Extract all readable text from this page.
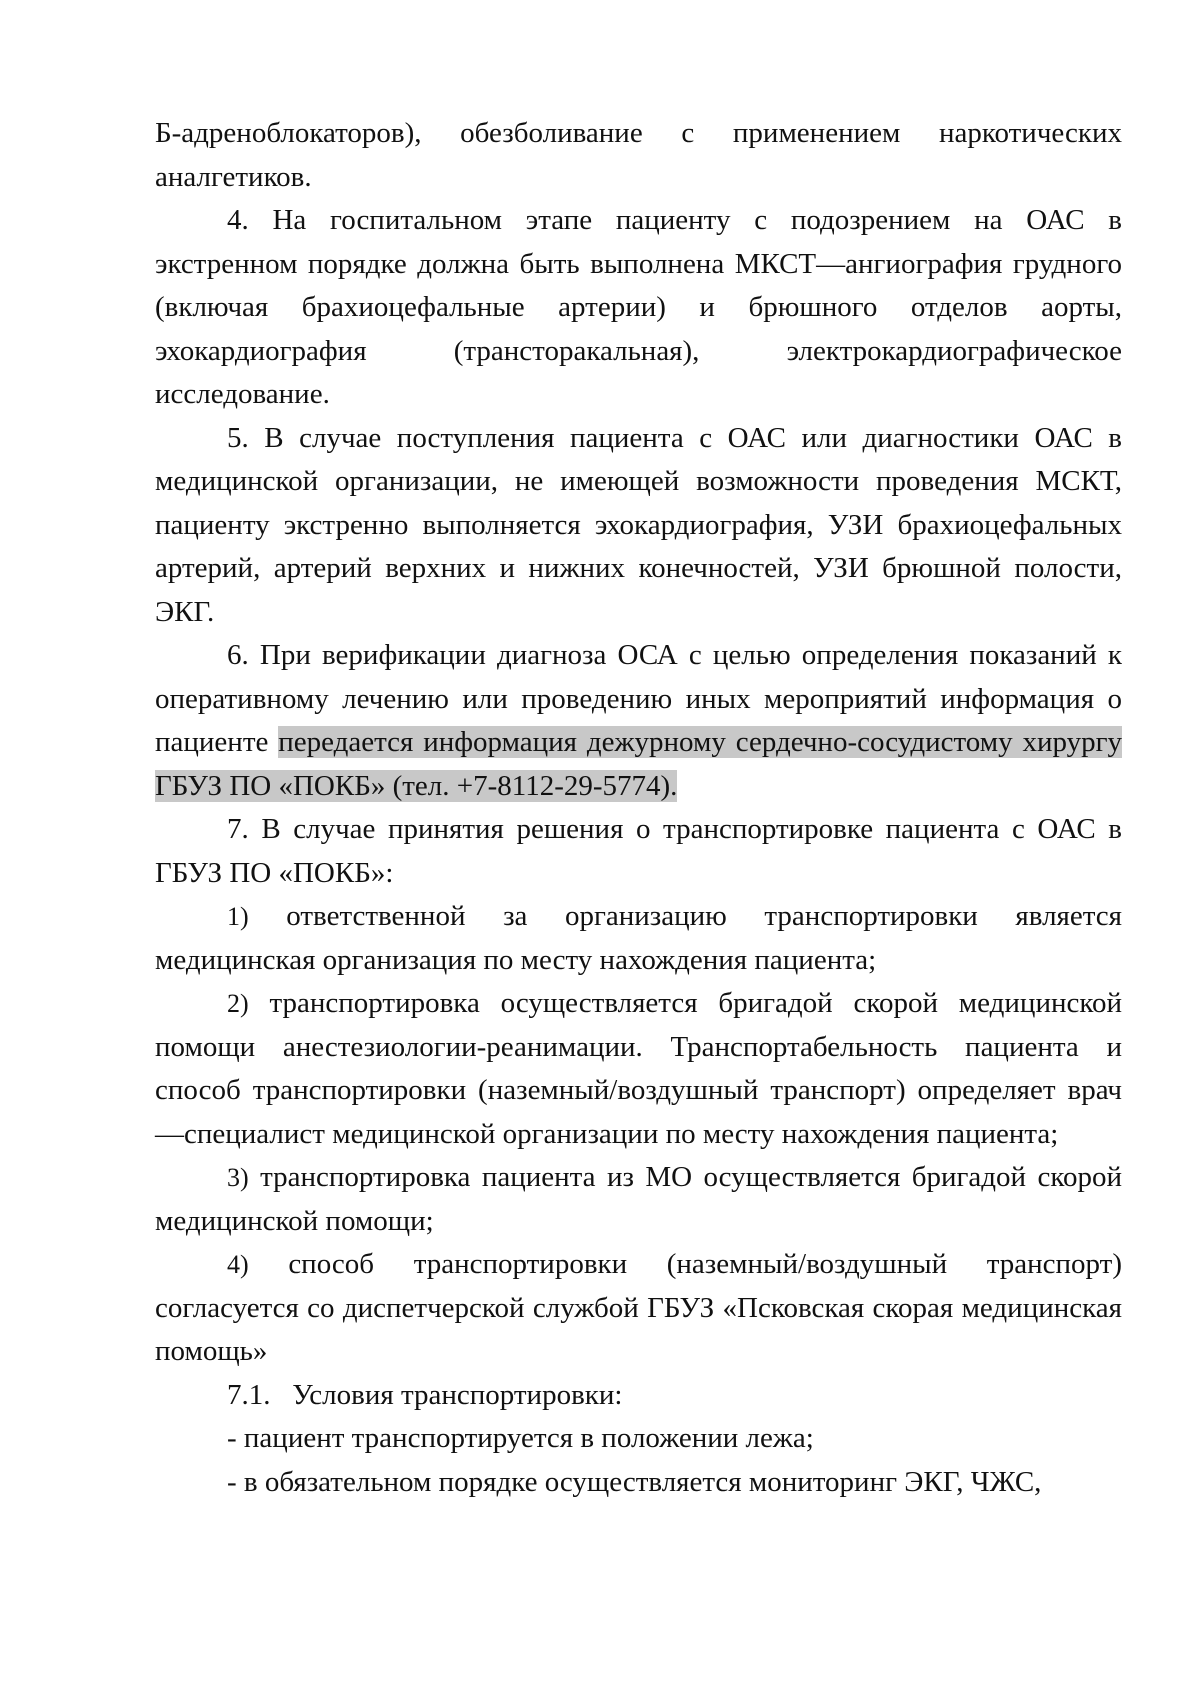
Б-адреноблокаторов), обезболивание с применением наркотических аналгетиков.

4. На госпитальном этапе пациенту с подозрением на ОАС в экстренном порядке должна быть выполнена МКСТ—ангиография грудного (включая брахиоцефальные артерии) и брюшного отделов аорты, эхокардиография (трансторакальная), электрокардиографическое исследование.

5. В случае поступления пациента с ОАС или диагностики ОАС в медицинской организации, не имеющей возможности проведения МСКТ, пациенту экстренно выполняется эхокардиография, УЗИ брахиоцефальных артерий, артерий верхних и нижних конечностей, УЗИ брюшной полости, ЭКГ.

6. При верификации диагноза ОСА с целью определения показаний к оперативному лечению или проведению иных мероприятий информация о пациенте передается информация дежурному сердечно-сосудистому хирургу ГБУЗ ПО «ПОКБ» (тел. +7-8112-29-5774).

7. В случае принятия решения о транспортировке пациента с ОАС в ГБУЗ ПО «ПОКБ»:

1) ответственной за организацию транспортировки является медицинская организация по месту нахождения пациента;

2) транспортировка осуществляется бригадой скорой медицинской помощи анестезиологии-реанимации. Транспортабельность пациента и способ транспортировки (наземный/воздушный транспорт) определяет врач—специалист медицинской организации по месту нахождения пациента;

3) транспортировка пациента из МО осуществляется бригадой скорой медицинской помощи;

4) способ транспортировки (наземный/воздушный транспорт) согласуется со диспетчерской службой ГБУЗ «Псковская скорая медицинская помощь»

7.1.   Условия транспортировки:

- пациент транспортируется в положении лежа;

- в обязательном порядке осуществляется мониторинг ЭКГ, ЧЖС,
